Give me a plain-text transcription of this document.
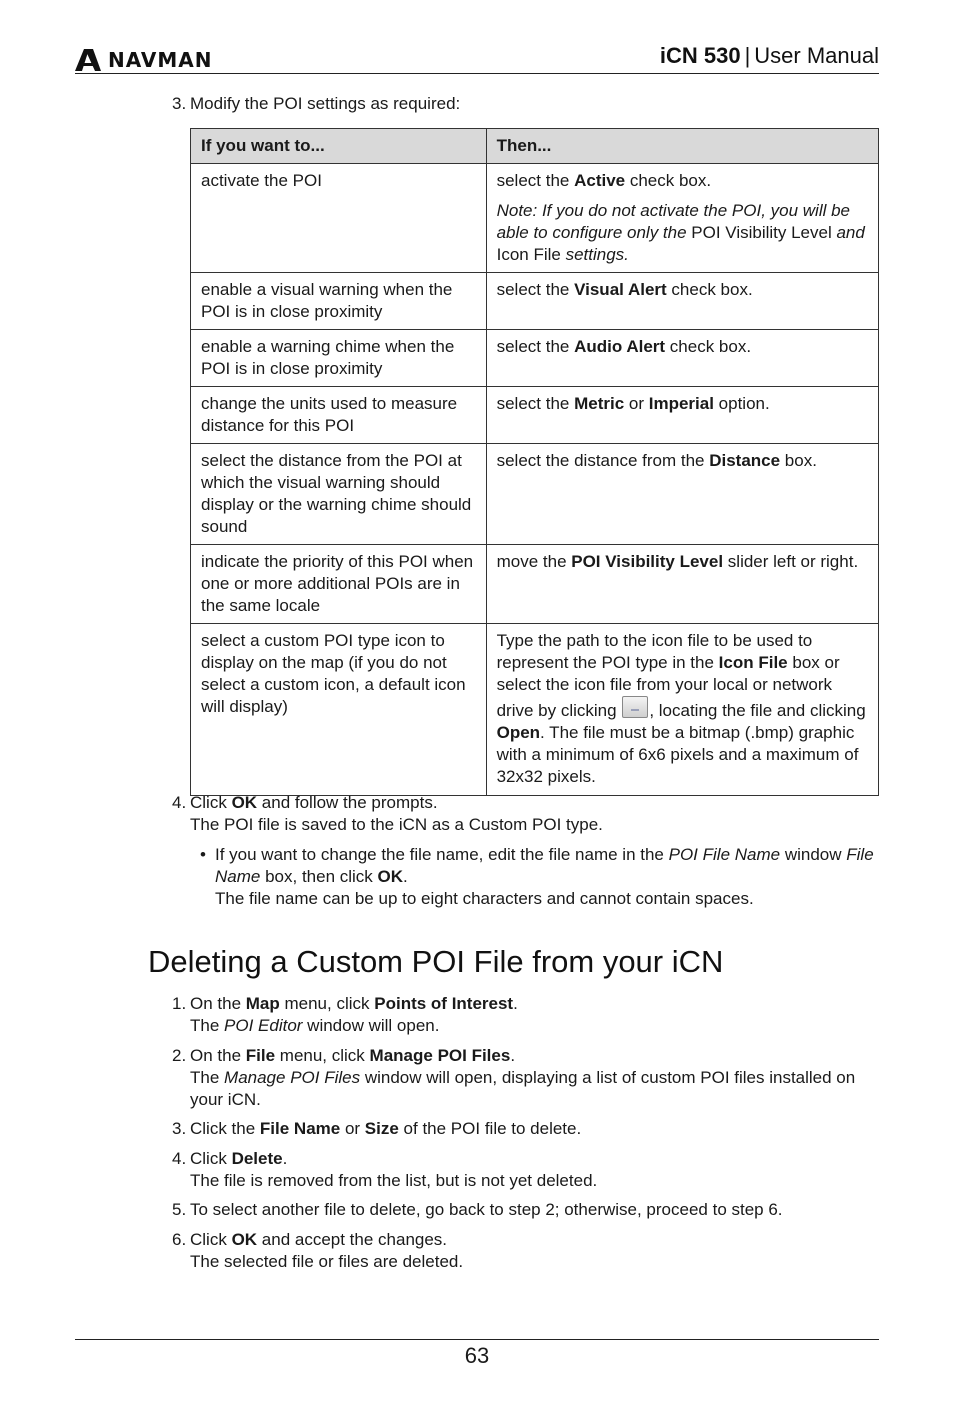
NAVMAN	iCN 530 | User Manual
3. Modify the POI settings as required:
If you want to...	Then...
activate the POI	select the Active check box.
Note: If you do not activate the POI, you will be able to configure only the POI Visibility Level and Icon File settings.

enable a visual warning when the POI is in close proximity	select the Visual Alert check box.
enable a warning chime when the POI is in close proximity	select the Audio Alert check box.
change the units used to measure distance for this POI	select the Metric or Imperial option.
select the distance from the POI at which the visual warning should display or the warning chime should sound	select the distance from the Distance box.
indicate the priority of this POI when one or more additional POIs are in the same locale	move the POI Visibility Level slider left or right.
select a custom POI type icon to display on the map (if you do not select a custom icon, a default icon will display)	Type the path to the icon file to be used to represent the POI type in the Icon File box or select the icon file from your local or network drive by clicking , locating the file and clicking Open. The file must be a bitmap (.bmp) graphic with a minimum of 6x6 pixels and a maximum of 32x32 pixels.
4. Click OK and follow the prompts.
The POI file is saved to the iCN as a Custom POI type.
• If you want to change the file name, edit the file name in the POI File Name window File Name box, then click OK.
The file name can be up to eight characters and cannot contain spaces.
Deleting a Custom POI File from your iCN
1. On the Map menu, click Points of Interest.
The POI Editor window will open.
2. On the File menu, click Manage POI Files.
The Manage POI Files window will open, displaying a list of custom POI files installed on your iCN.
3. Click the File Name or Size of the POI file to delete.
4. Click Delete.
The file is removed from the list, but is not yet deleted.
5. To select another file to delete, go back to step 2; otherwise, proceed to step 6.
6. Click OK and accept the changes.
The selected file or files are deleted.
63
